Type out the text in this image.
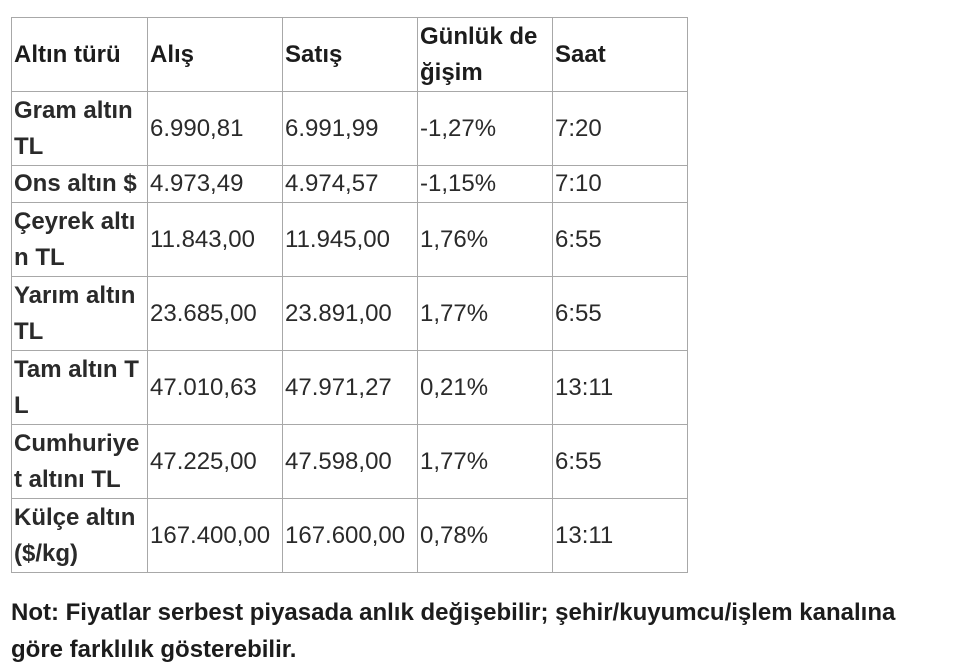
Altın türü	Alış	Satış	Günlük değişim	Saat
Gram altın TL	6.990,81	6.991,99	-1,27%	7:20
Ons altın $	4.973,49	4.974,57	-1,15%	7:10
Çeyrek altın TL	11.843,00	11.945,00	1,76%	6:55
Yarım altın TL	23.685,00	23.891,00	1,77%	6:55
Tam altın TL	47.010,63	47.971,27	0,21%	13:11
Cumhuriyet altını TL	47.225,00	47.598,00	1,77%	6:55
Külçe altın ($/kg)	167.400,00	167.600,00	0,78%	13:11

Not: Fiyatlar serbest piyasada anlık değişebilir; şehir/kuyumcu/işlem kanalına göre farklılık gösterebilir.
